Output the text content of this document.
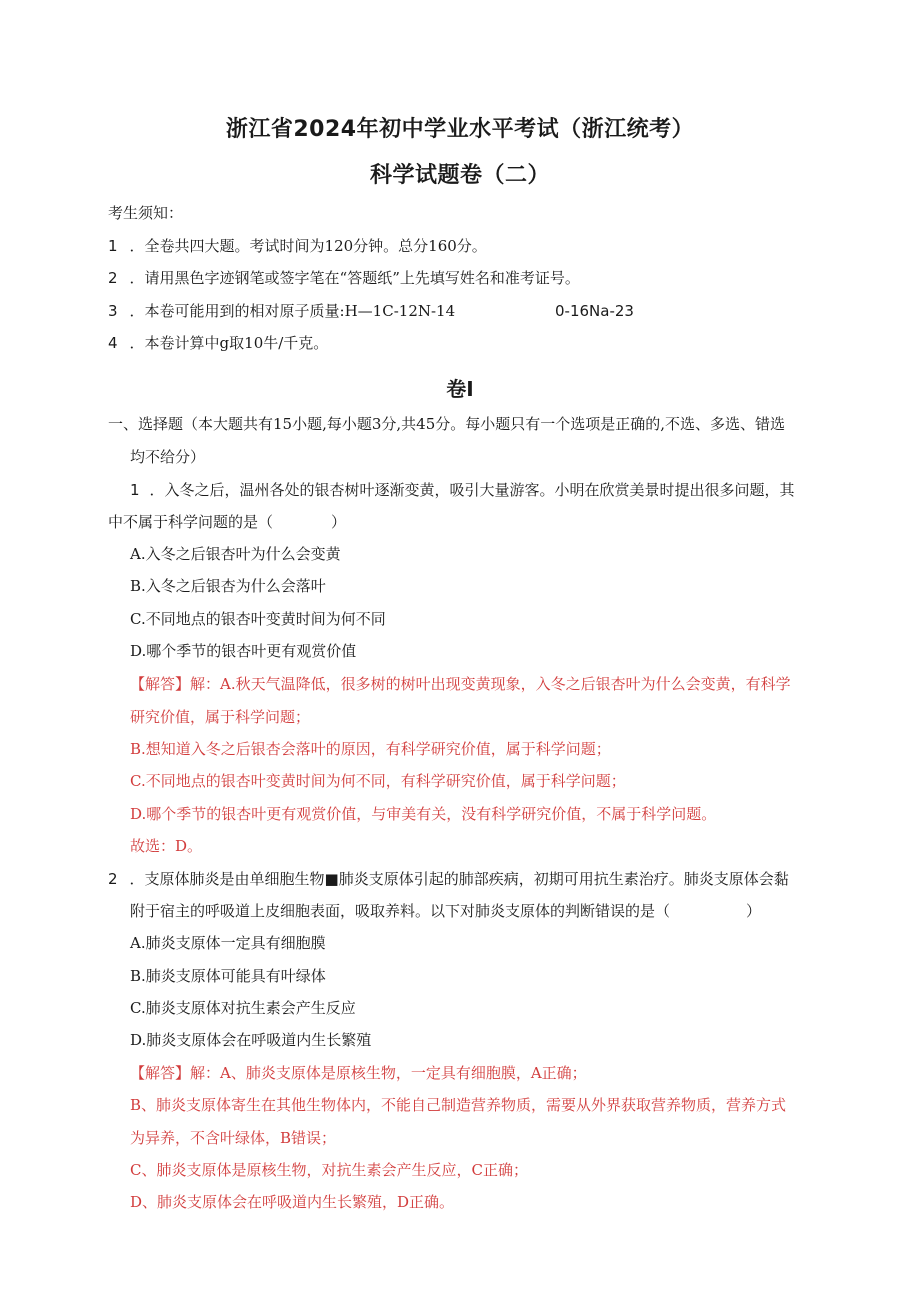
浙江省2024年初中学业水平考试（浙江统考）
科学试题卷（二）
考生须知：
1 ．全卷共四大题。考试时间为120分钟。总分160分。
2 ．请用黑色字迹钢笔或签字笔在“答题纸”上先填写姓名和准考证号。
3 ．本卷可能用到的相对原子质量:H—1C-12N-14	0-16Na-23
4 ．本卷计算中g取10牛/千克。
卷I
一、选择题（本大题共有15小题,每小题3分,共45分。每小题只有一个选项是正确的,不选、多选、错选
均不给分）
1 ．入冬之后，温州各处的银杏树叶逐渐变黄，吸引大量游客。小明在欣赏美景时提出很多问题，其
中不属于科学问题的是（	）
A.入冬之后银杏叶为什么会变黄
B.入冬之后银杏为什么会落叶
C.不同地点的银杏叶变黄时间为何不同
D.哪个季节的银杏叶更有观赏价值
【解答】解：A.秋天气温降低，很多树的树叶出现变黄现象，入冬之后银杏叶为什么会变黄，有科学
研究价值，属于科学问题；
B.想知道入冬之后银杏会落叶的原因，有科学研究价值，属于科学问题；
C.不同地点的银杏叶变黄时间为何不同，有科学研究价值，属于科学问题；
D.哪个季节的银杏叶更有观赏价值，与审美有关，没有科学研究价值，不属于科学问题。
故选：D。
2 ．支原体肺炎是由单细胞生物■肺炎支原体引起的肺部疾病，初期可用抗生素治疗。肺炎支原体会黏
附于宿主的呼吸道上皮细胞表面，吸取养料。以下对肺炎支原体的判断错误的是（	）
A.肺炎支原体一定具有细胞膜
B.肺炎支原体可能具有叶绿体
C.肺炎支原体对抗生素会产生反应
D.肺炎支原体会在呼吸道内生长繁殖
【解答】解：A、肺炎支原体是原核生物，一定具有细胞膜，A正确；
B、肺炎支原体寄生在其他生物体内，不能自己制造营养物质，需要从外界获取营养物质，营养方式
为异养，不含叶绿体，B错误；
C、肺炎支原体是原核生物，对抗生素会产生反应，C正确；
D、肺炎支原体会在呼吸道内生长繁殖，D正确。
